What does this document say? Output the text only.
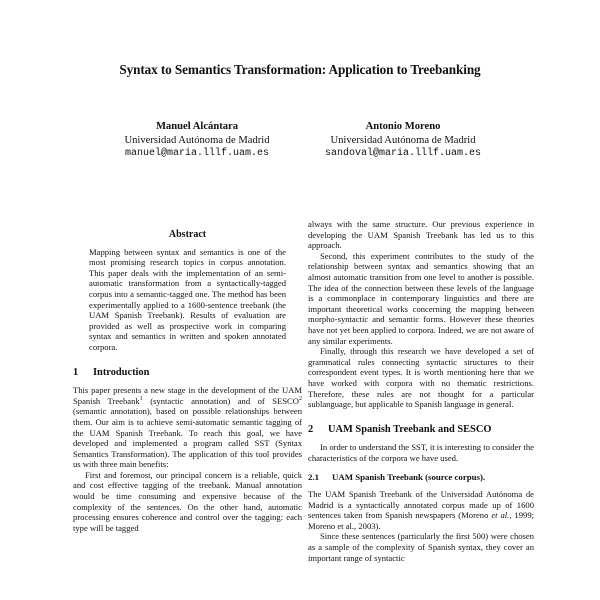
Syntax to Semantics Transformation: Application to Treebanking
Manuel Alcántara
Universidad Autónoma de Madrid
manuel@maria.lllf.uam.es
Antonio Moreno
Universidad Autónoma de Madrid
sandoval@maria.lllf.uam.es
Abstract

Mapping between syntax and semantics is one of the most promising research topics in corpus annotation. This paper deals with the implementation of an semi-automatic transformation from a syntactically-tagged corpus into a semantic-tagged one. The method has been experimentally applied to a 1600-sentence treebank (the UAM Spanish Treebank). Results of evaluation are provided as well as prospective work in comparing syntax and semantics in written and spoken annotated corpora.

1 Introduction

This paper presents a new stage in the development of the UAM Spanish Treebank$^1$ (syntactic annotation) and of SESCO$^2$ (semantic annotation), based on possible relationships between them. Our aim is to achieve semi-automatic semantic tagging of the UAM Spanish Treebank. To reach this goal, we have developed and implemented a program called SST (Syntax Semantics Transformation). The application of this tool provides us with three main benefits:

First and foremost, our principal concern is a reliable, quick and cost effective tagging of the treebank. Manual annotation would be time consuming and expensive because of the complexity of the sentences. On the other hand, automatic processing ensures coherence and control over the tagging: each type will be tagged

always with the same structure. Our previous experience in developing the UAM Spanish Treebank has led us to this approach.

Second, this experiment contributes to the study of the relationship between syntax and semantics showing that an almost automatic transition from one level to another is possible. The idea of the connection between these levels of the language is a commonplace in contemporary linguistics and there are important theoretical works concerning the mapping between morpho-syntactic and semantic forms. However these theories have not yet been applied to corpora. Indeed, we are not aware of any similar experiments.

Finally, through this research we have developed a set of grammatical rules connecting syntactic structures to their correspondent event types. It is worth mentioning here that we have worked with corpora with no thematic restrictions. Therefore, these rules are not thought for a particular sublanguage, but applicable to Spanish language in general.

2 UAM Spanish Treebank and SESCO

In order to understand the SST, it is interesting to consider the characteristics of the corpora we have used.

2.1 UAM Spanish Treebank (source corpus).

The UAM Spanish Treebank of the Universidad Autónoma de Madrid is a syntactically annotated corpus made up of 1600 sentences taken from Spanish newspapers (Moreno et al., 1999; Moreno et al., 2003).

Since these sentences (particularly the first 500) were chosen as a sample of the complexity of Spanish syntax, they cover an important range of syntactic
